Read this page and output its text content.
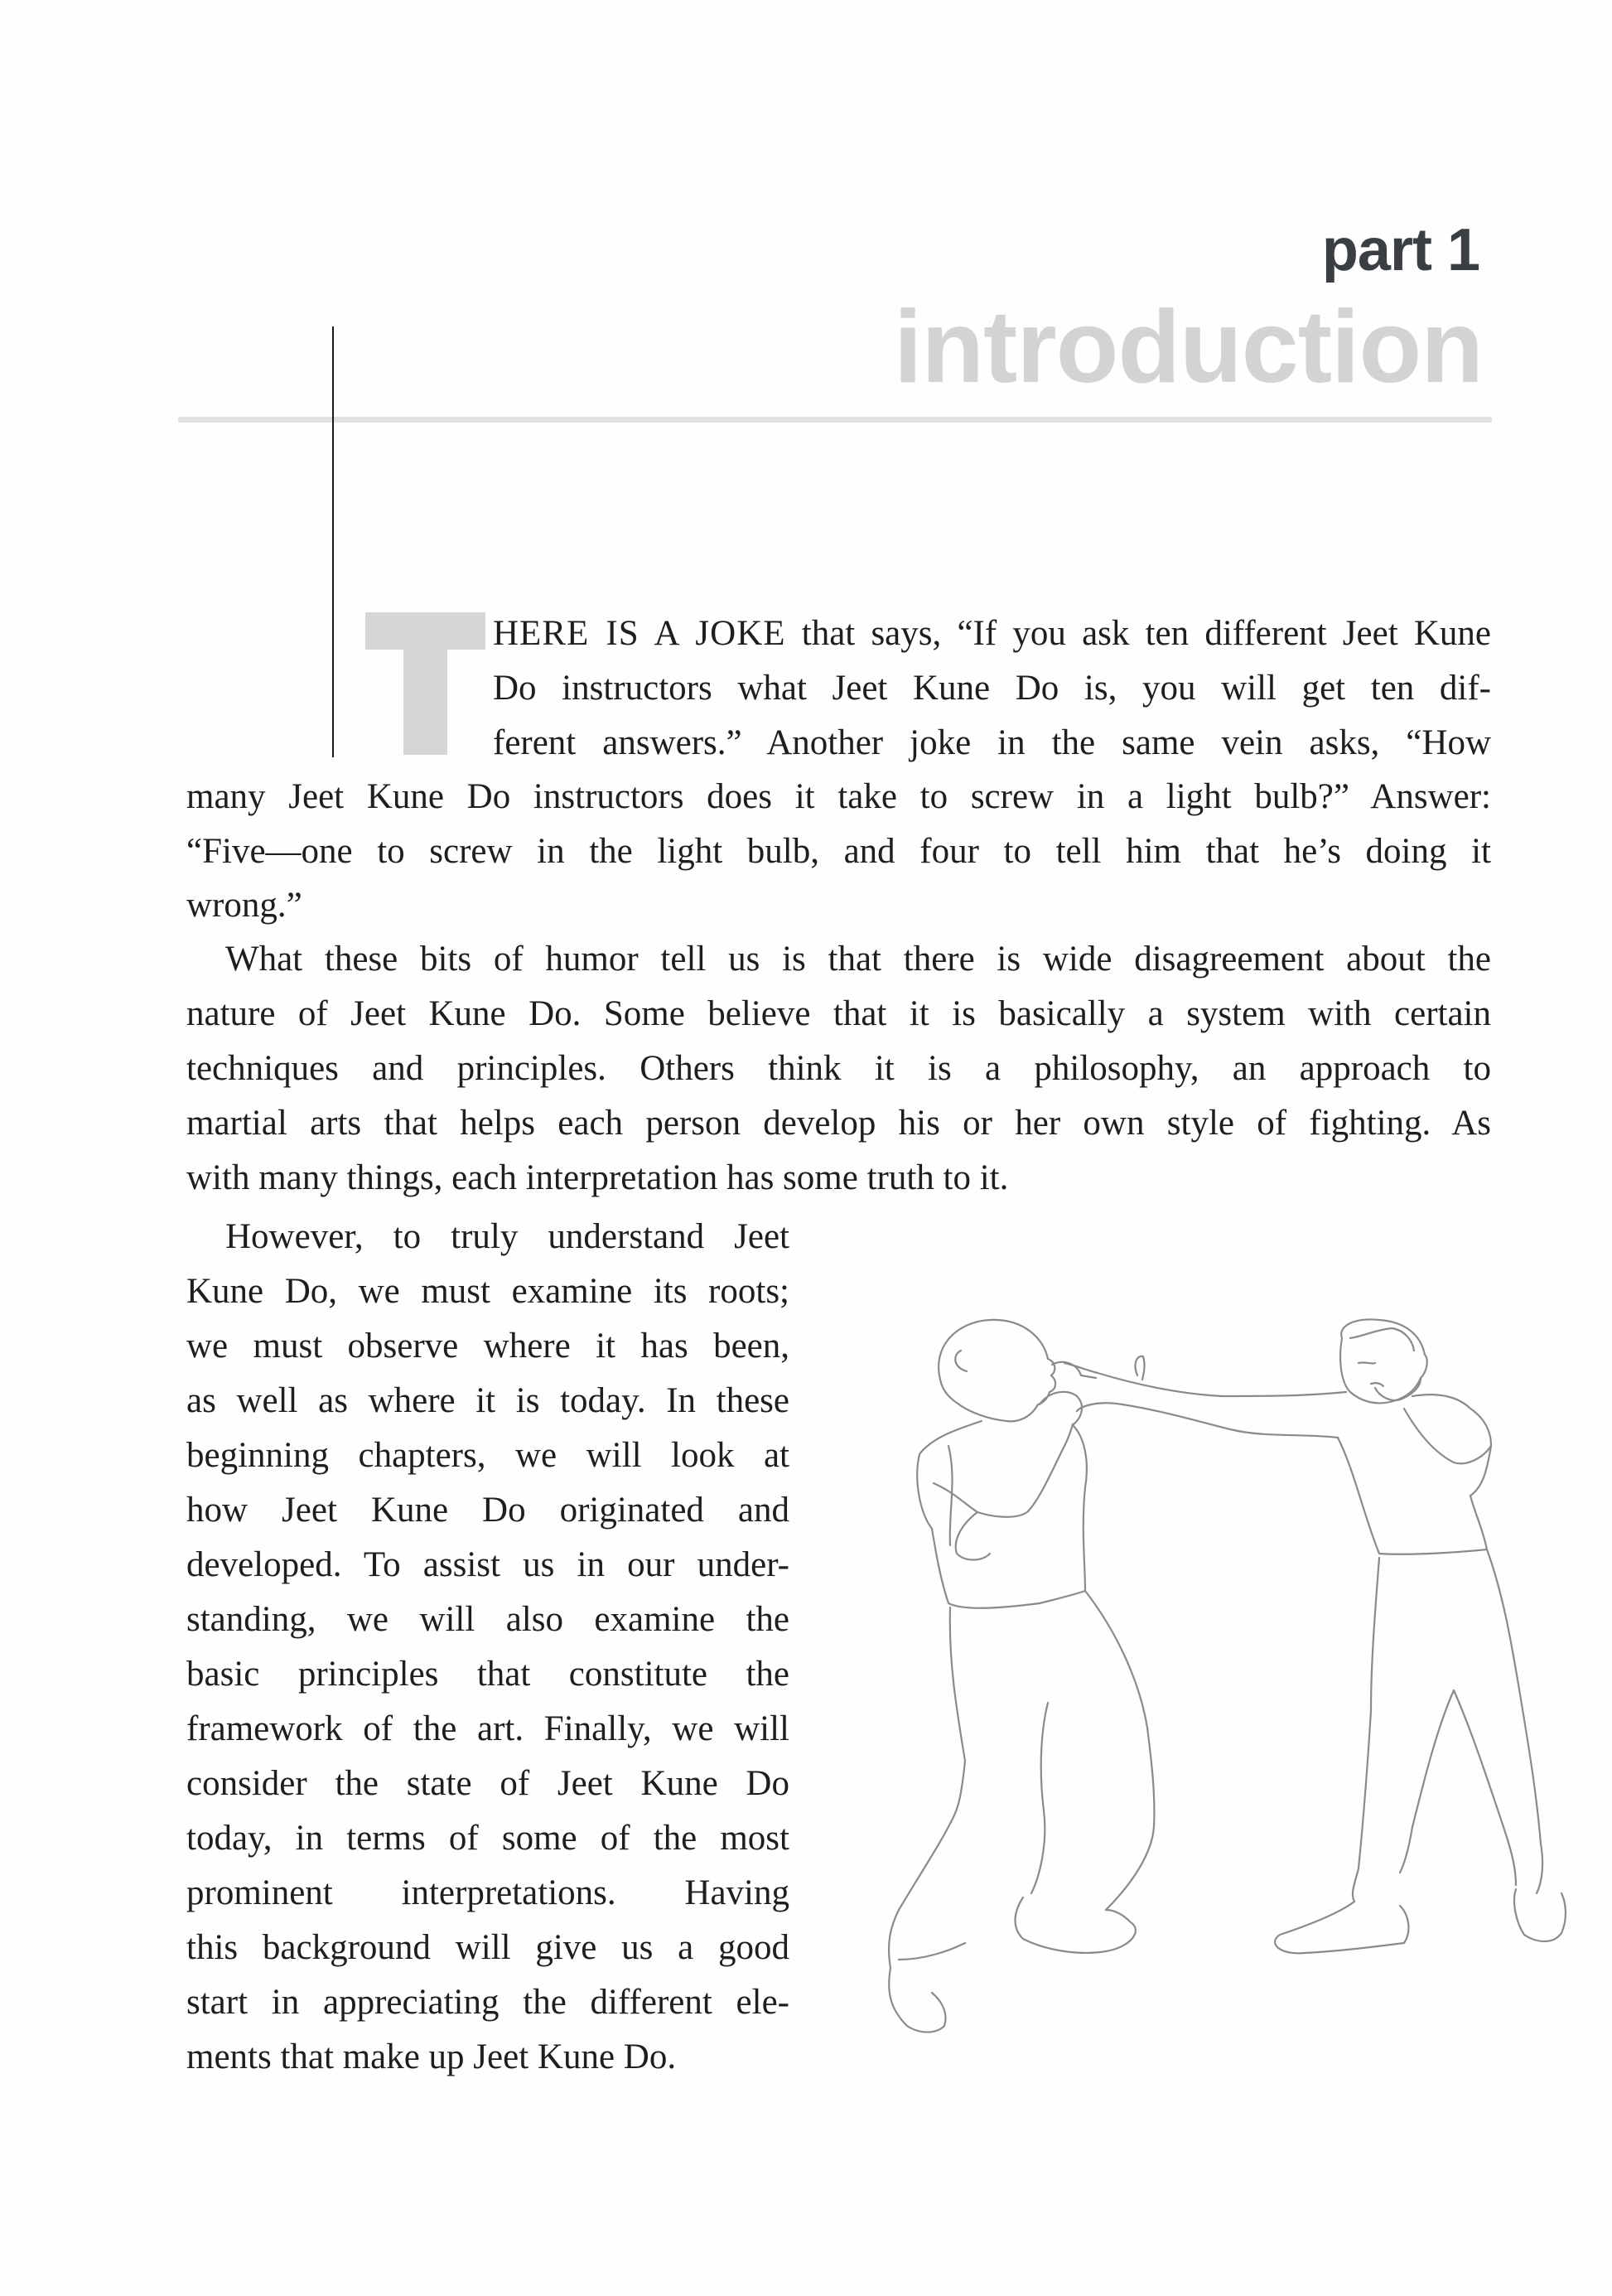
part 1
introduction
HERE IS A JOKE that says, “If you ask ten different Jeet Kune
Do instructors what Jeet Kune Do is, you will get ten dif-
ferent answers.” Another joke in the same vein asks, “How
many Jeet Kune Do instructors does it take to screw in a light bulb?” Answer:
“Five—one to screw in the light bulb, and four to tell him that he’s doing it
wrong.”
What these bits of humor tell us is that there is wide disagreement about the
nature of Jeet Kune Do. Some believe that it is basically a system with certain
techniques and principles. Others think it is a philosophy, an approach to
martial arts that helps each person develop his or her own style of fighting. As
with many things, each interpretation has some truth to it.
However, to truly understand Jeet
Kune Do, we must examine its roots;
we must observe where it has been,
as well as where it is today. In these
beginning chapters, we will look at
how Jeet Kune Do originated and
developed. To assist us in our under-
standing, we will also examine the
basic principles that constitute the
framework of the art. Finally, we will
consider the state of Jeet Kune Do
today, in terms of some of the most
prominent interpretations. Having
this background will give us a good
start in appreciating the different ele-
ments that make up Jeet Kune Do.
